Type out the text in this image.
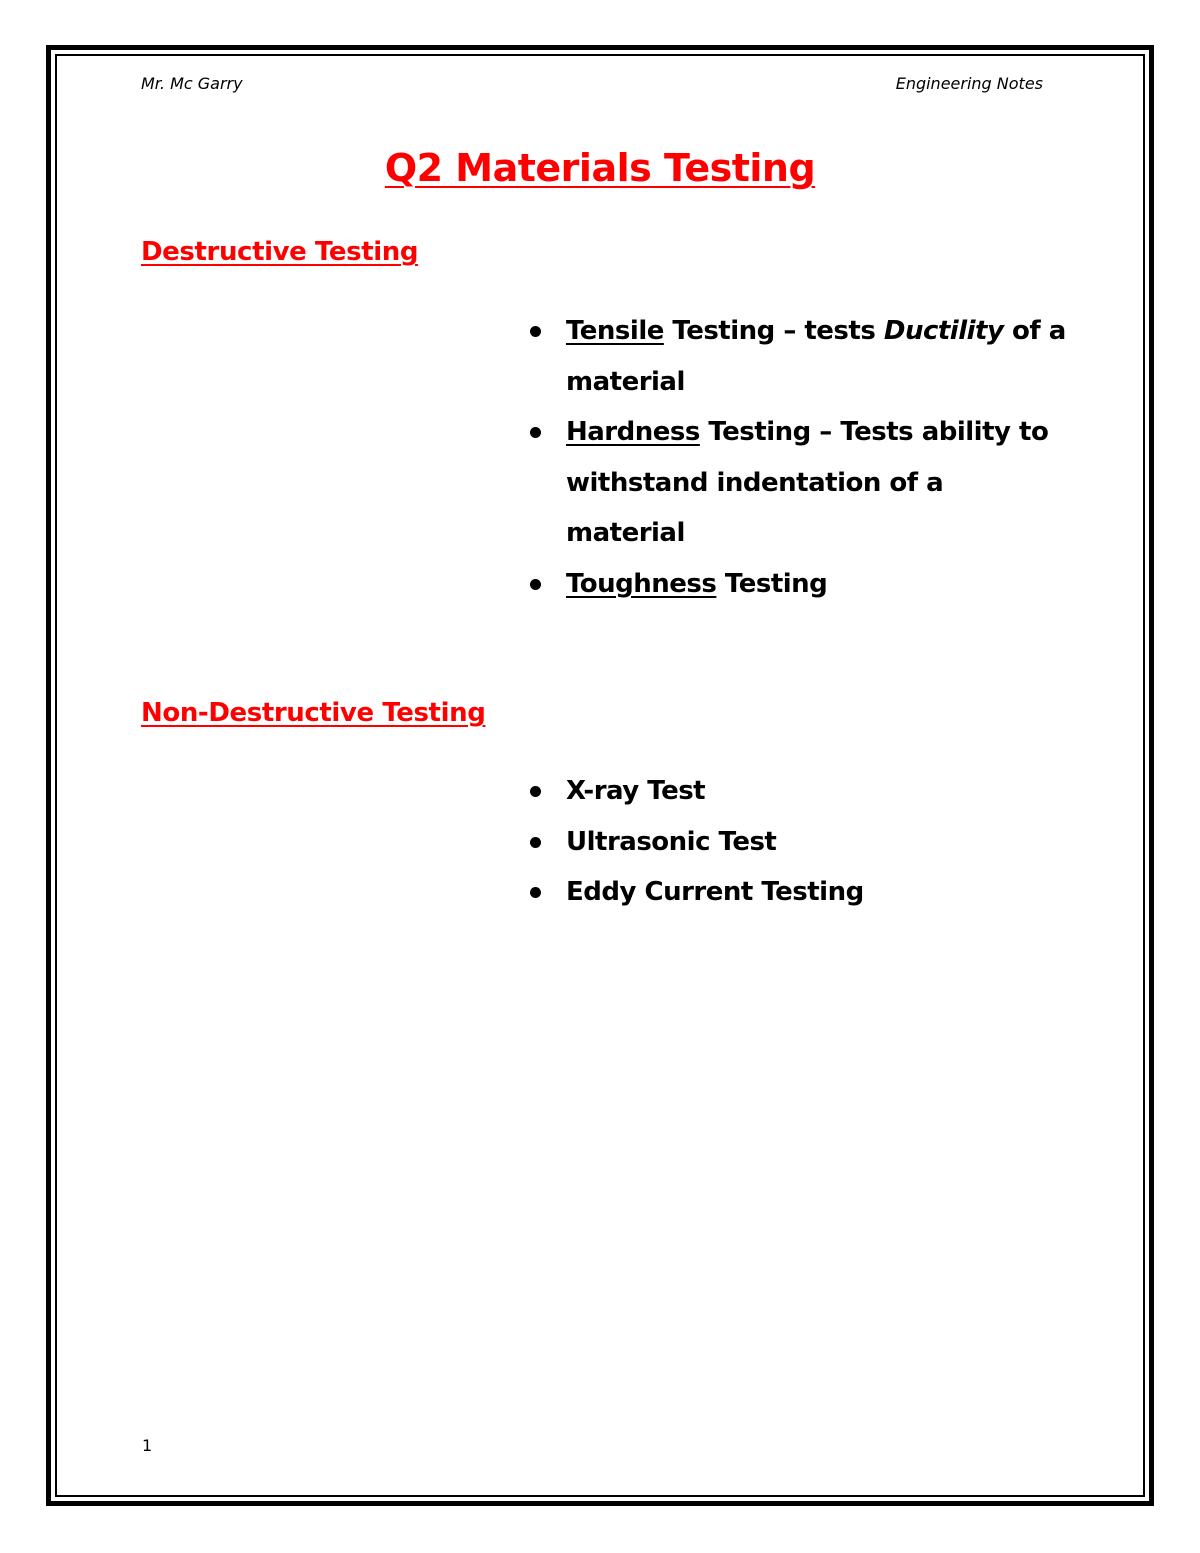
Mr. Mc Garry	Engineering Notes
Q2 Materials Testing
Destructive Testing
Tensile Testing – tests Ductility of a material
Hardness Testing – Tests ability to withstand indentation of a material
Toughness Testing
Non-Destructive Testing
X-ray Test
Ultrasonic Test
Eddy Current Testing
1
